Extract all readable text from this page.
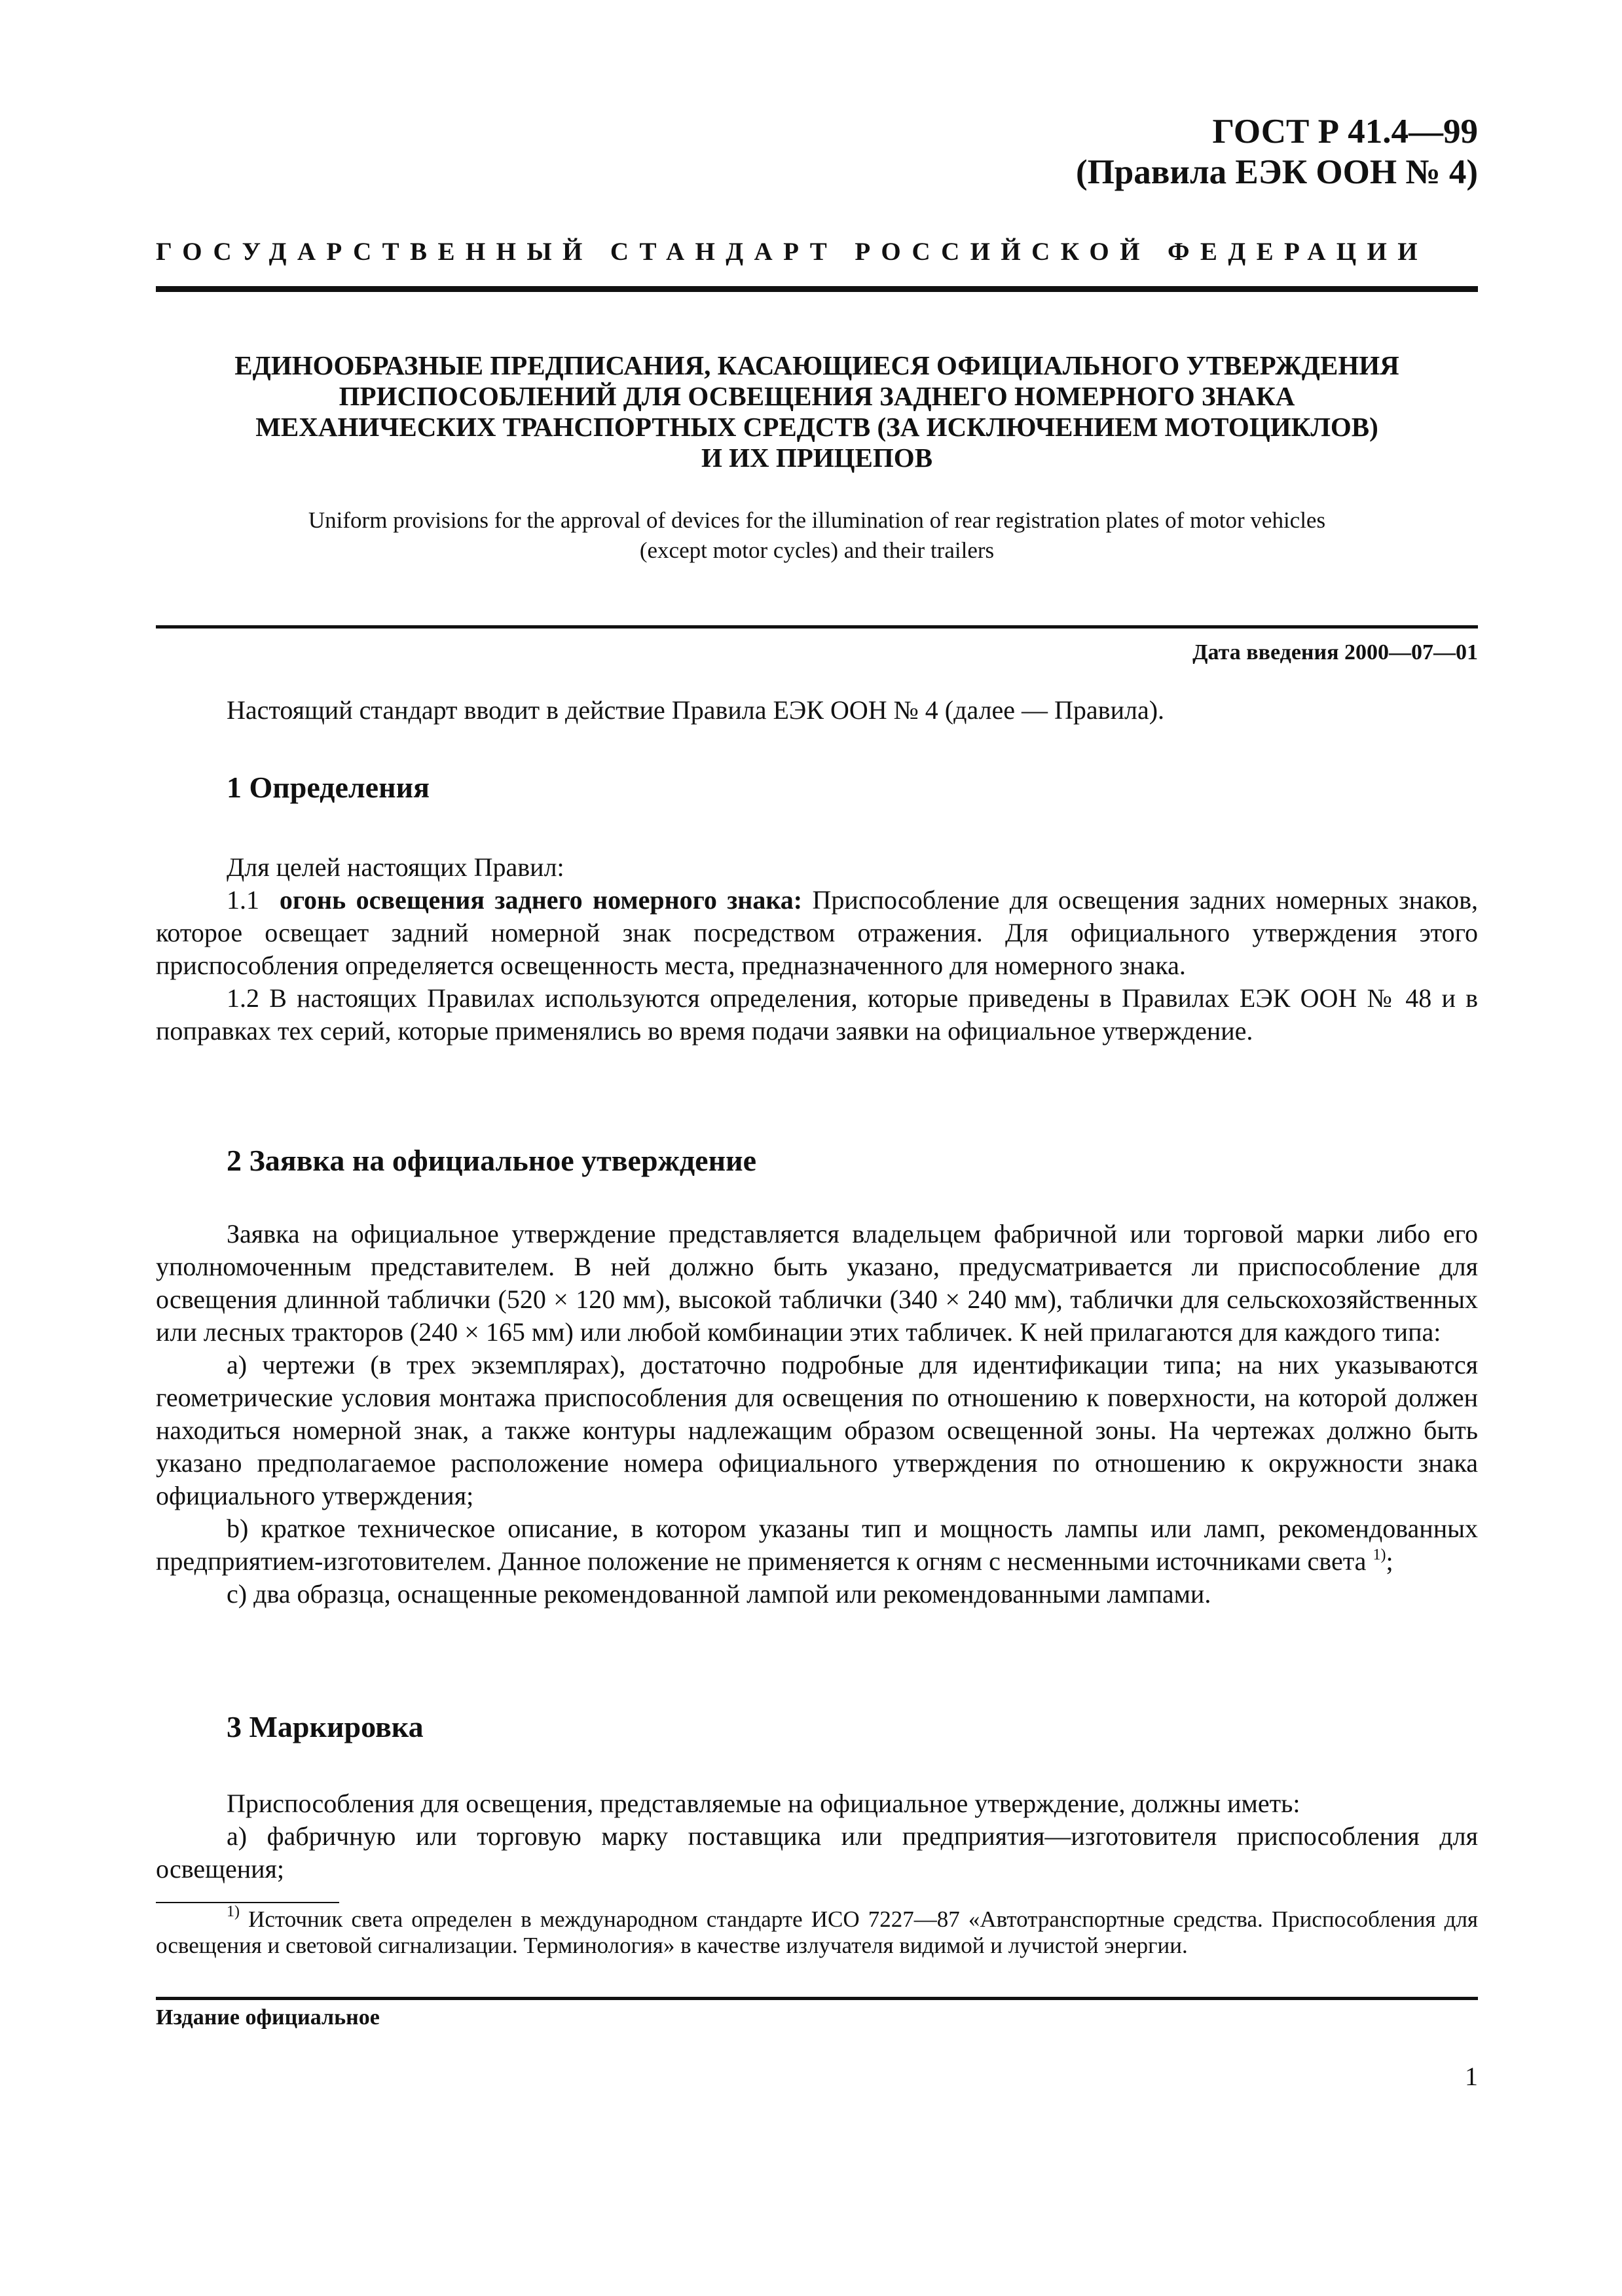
ГОСТ Р 41.4—99
(Правила ЕЭК ООН № 4)
ГОСУДАРСТВЕННЫЙ СТАНДАРТ РОССИЙСКОЙ ФЕДЕРАЦИИ
ЕДИНООБРАЗНЫЕ ПРЕДПИСАНИЯ, КАСАЮЩИЕСЯ ОФИЦИАЛЬНОГО УТВЕРЖДЕНИЯ
ПРИСПОСОБЛЕНИЙ ДЛЯ ОСВЕЩЕНИЯ ЗАДНЕГО НОМЕРНОГО ЗНАКА
МЕХАНИЧЕСКИХ ТРАНСПОРТНЫХ СРЕДСТВ (ЗА ИСКЛЮЧЕНИЕМ МОТОЦИКЛОВ)
И ИХ ПРИЦЕПОВ
Uniform provisions for the approval of devices for the illumination of rear registration plates of motor vehicles
(except motor cycles) and their trailers
Дата введения 2000—07—01

Настоящий стандарт вводит в действие Правила ЕЭК ООН № 4 (далее — Правила).

1 Определения

Для целей настоящих Правил:

1.1 огонь освещения заднего номерного знака: Приспособление для освещения задних номерных знаков, которое освещает задний номерной знак посредством отражения. Для официального утверждения этого приспособления определяется освещенность места, предназначенного для номерного знака.

1.2 В настоящих Правилах используются определения, которые приведены в Правилах ЕЭК ООН № 48 и в поправках тех серий, которые применялись во время подачи заявки на официальное утверждение.

2 Заявка на официальное утверждение

Заявка на официальное утверждение представляется владельцем фабричной или торговой марки либо его уполномоченным представителем. В ней должно быть указано, предусматривается ли приспособление для освещения длинной таблички (520 × 120 мм), высокой таблички (340 × 240 мм), таблички для сельскохозяйственных или лесных тракторов (240 × 165 мм) или любой комбинации этих табличек. К ней прилагаются для каждого типа:

a) чертежи (в трех экземплярах), достаточно подробные для идентификации типа; на них указываются геометрические условия монтажа приспособления для освещения по отношению к поверхности, на которой должен находиться номерной знак, а также контуры надлежащим образом освещенной зоны. На чертежах должно быть указано предполагаемое расположение номера официального утверждения по отношению к окружности знака официального утверждения;

b) краткое техническое описание, в котором указаны тип и мощность лампы или ламп, рекомендованных предприятием-изготовителем. Данное положение не применяется к огням с несменными источниками света $^{1)}$;

c) два образца, оснащенные рекомендованной лампой или рекомендованными лампами.

3 Маркировка

Приспособления для освещения, представляемые на официальное утверждение, должны иметь:

a) фабричную или торговую марку поставщика или предприятия—изготовителя приспособления для освещения;

$^{1)}$ Источник света определен в международном стандарте ИСО 7227—87 «Автотранспортные средства. Приспособления для освещения и световой сигнализации. Терминология» в качестве излучателя видимой и лучистой энергии.

Издание официальное
1
